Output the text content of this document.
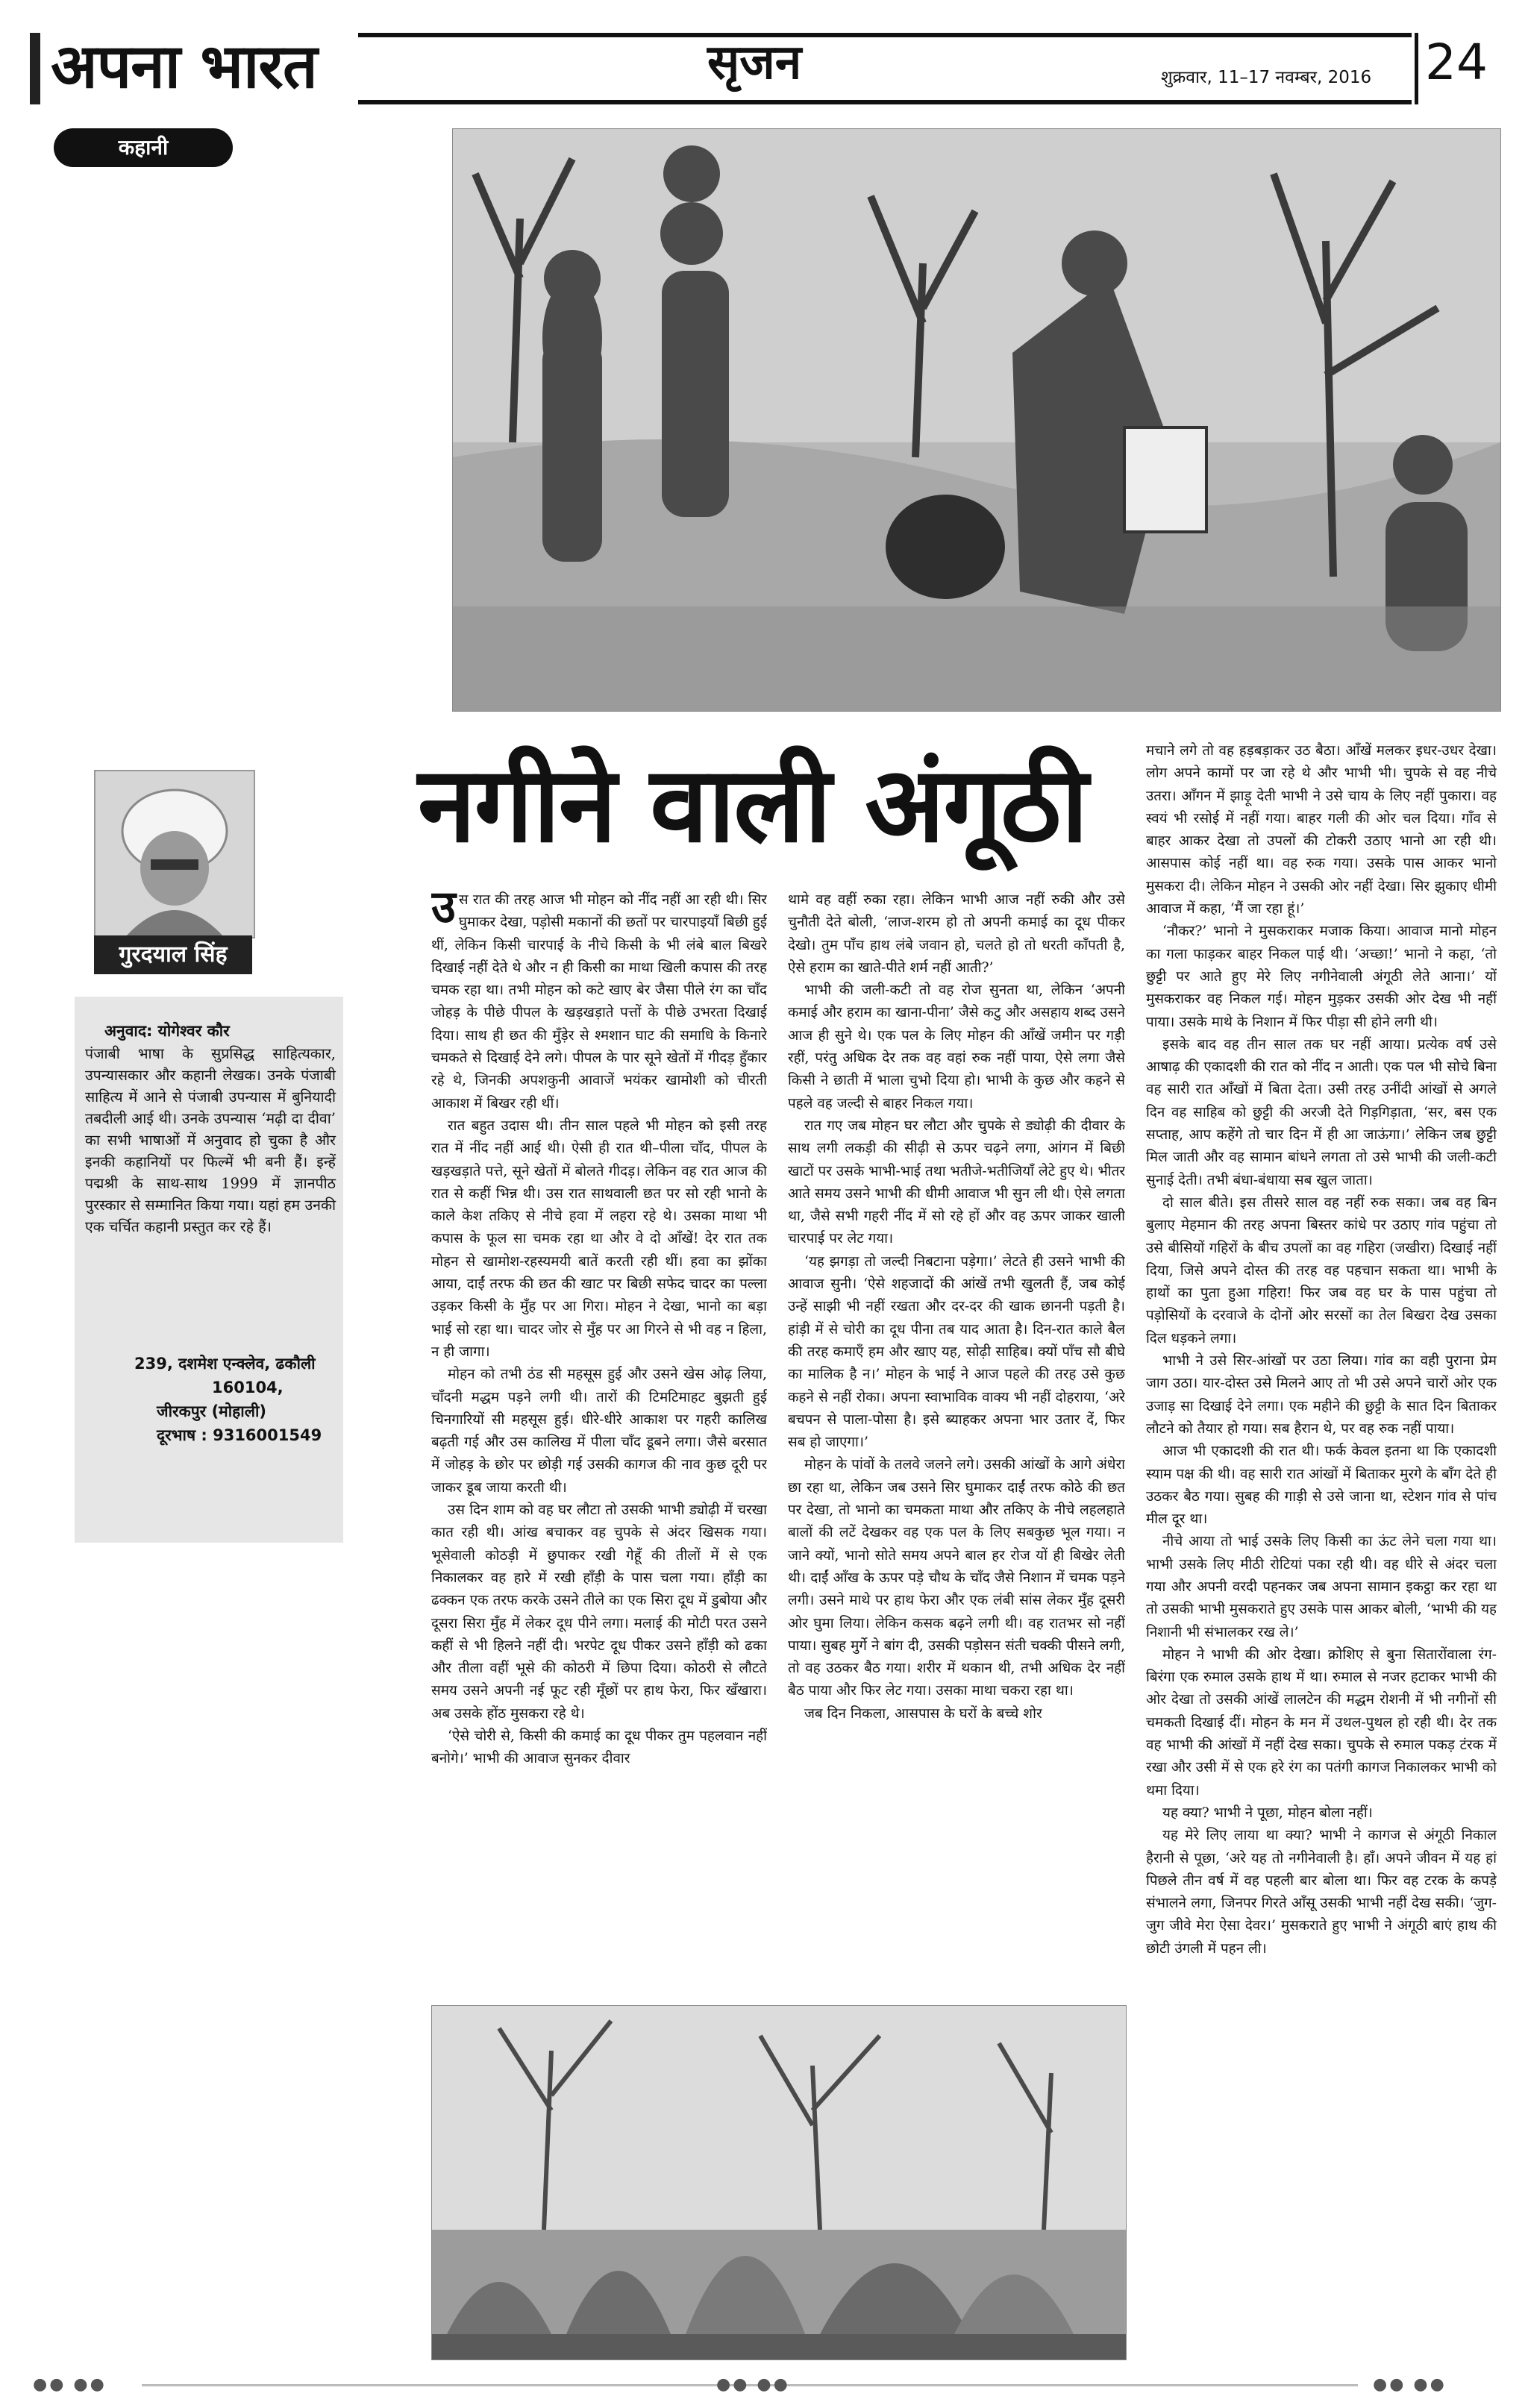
अपना भारत	सृजन	शुक्रवार, 11–17 नवम्बर, 2016 24
कहानी
नगीने वाली अंगूठी
गुरदयाल सिंह
अनुवाद: योगेश्वर कौर
पंजाबी भाषा के सुप्रसिद्ध साहित्यकार, उपन्यासकार और कहानी लेखक। उनके पंजाबी साहित्य में आने से पंजाबी उपन्यास में बुनियादी तबदीली आई थी। उनके उपन्यास ‘मढ़ी दा दीवा’ का सभी भाषाओं में अनुवाद हो चुका है और इनकी कहानियों पर फिल्में भी बनी हैं। इन्हें पद्मश्री के साथ-साथ 1999 में ज्ञानपीठ पुरस्कार से सम्मानित किया गया। यहां हम उनकी एक चर्चित कहानी प्रस्तुत कर रहे हैं।
239, दशमेश एन्क्लेव, ढकौली
160104,
जीरकपुर (मोहाली)
दूरभाष : 9316001549
उ स रात की तरह आज भी मोहन को नींद नहीं आ रही थी। सिर घुमाकर देखा, पड़ोसी मकानों की छतों पर चारपाइयाँ बिछी हुई थीं, लेकिन किसी चारपाई के नीचे किसी के भी लंबे बाल बिखरे दिखाई नहीं देते थे और न ही किसी का माथा खिली कपास की तरह चमक रहा था। तभी मोहन को कटे खाए बेर जैसा पीले रंग का चाँद जोहड़ के पीछे पीपल के खड़खड़ाते पत्तों के पीछे उभरता दिखाई दिया। साथ ही छत की मुँड़ेर से श्मशान घाट की समाधि के किनारे चमकते से दिखाई देने लगे। पीपल के पार सूने खेतों में गीदड़ हुँकार रहे थे, जिनकी अपशकुनी आवाजें भयंकर खामोशी को चीरती आकाश में बिखर रही थीं।

रात बहुत उदास थी। तीन साल पहले भी मोहन को इसी तरह रात में नींद नहीं आई थी। ऐसी ही रात थी–पीला चाँद, पीपल के खड़खड़ाते पत्ते, सूने खेतों में बोलते गीदड़। लेकिन वह रात आज की रात से कहीं भिन्न थी। उस रात साथवाली छत पर सो रही भानो के काले केश तकिए से नीचे हवा में लहरा रहे थे। उसका माथा भी कपास के फूल सा चमक रहा था और वे दो आँखें! देर रात तक मोहन से खामोश-रहस्यमयी बातें करती रही थीं। हवा का झोंका आया, दाईं तरफ की छत की खाट पर बिछी सफेद चादर का पल्ला उड़कर किसी के मुँह पर आ गिरा। मोहन ने देखा, भानो का बड़ा भाई सो रहा था। चादर जोर से मुँह पर आ गिरने से भी वह न हिला, न ही जागा।

मोहन को तभी ठंड सी महसूस हुई और उसने खेस ओढ़ लिया, चाँदनी मद्धम पड़ने लगी थी। तारों की टिमटिमाहट बुझती हुई चिनगारियों सी महसूस हुई। धीरे-धीरे आकाश पर गहरी कालिख बढ़ती गई और उस कालिख में पीला चाँद डूबने लगा। जैसे बरसात में जोहड़ के छोर पर छोड़ी गई उसकी कागज की नाव कुछ दूरी पर जाकर डूब जाया करती थी।

उस दिन शाम को वह घर लौटा तो उसकी भाभी ड्योढ़ी में चरखा कात रही थी। आंख बचाकर वह चुपके से अंदर खिसक गया। भूसेवाली कोठड़ी में छुपाकर रखी गेहूँ की तीलों में से एक निकालकर वह हारे में रखी हाँड़ी के पास चला गया। हाँड़ी का ढक्कन एक तरफ करके उसने तीले का एक सिरा दूध में डुबोया और दूसरा सिरा मुँह में लेकर दूध पीने लगा। मलाई की मोटी परत उसने कहीं से भी हिलने नहीं दी। भरपेट दूध पीकर उसने हाँड़ी को ढका और तीला वहीं भूसे की कोठरी में छिपा दिया। कोठरी से लौटते समय उसने अपनी नई फूट रही मूँछों पर हाथ फेरा, फिर खँखारा। अब उसके होंठ मुसकरा रहे थे।

‘ऐसे चोरी से, किसी की कमाई का दूध पीकर तुम पहलवान नहीं बनोगे।’ भाभी की आवाज सुनकर दीवार

थामे वह वहीं रुका रहा। लेकिन भाभी आज नहीं रुकी और उसे चुनौती देते बोली, ‘लाज-शरम हो तो अपनी कमाई का दूध पीकर देखो। तुम पाँच हाथ लंबे जवान हो, चलते हो तो धरती काँपती है, ऐसे हराम का खाते-पीते शर्म नहीं आती?’

भाभी की जली-कटी तो वह रोज सुनता था, लेकिन ‘अपनी कमाई और हराम का खाना-पीना’ जैसे कटु और असहाय शब्द उसने आज ही सुने थे। एक पल के लिए मोहन की आँखें जमीन पर गड़ी रहीं, परंतु अधिक देर तक वह वहां रुक नहीं पाया, ऐसे लगा जैसे किसी ने छाती में भाला चुभो दिया हो। भाभी के कुछ और कहने से पहले वह जल्दी से बाहर निकल गया।

रात गए जब मोहन घर लौटा और चुपके से ड्योढ़ी की दीवार के साथ लगी लकड़ी की सीढ़ी से ऊपर चढ़ने लगा, आंगन में बिछी खाटों पर उसके भाभी-भाई तथा भतीजे-भतीजियाँ लेटे हुए थे। भीतर आते समय उसने भाभी की धीमी आवाज भी सुन ली थी। ऐसे लगता था, जैसे सभी गहरी नींद में सो रहे हों और वह ऊपर जाकर खाली चारपाई पर लेट गया।

‘यह झगड़ा तो जल्दी निबटाना पड़ेगा।’ लेटते ही उसने भाभी की आवाज सुनी। ‘ऐसे शहजादों की आंखें तभी खुलती हैं, जब कोई उन्हें साझी भी नहीं रखता और दर-दर की खाक छाननी पड़ती है। हांड़ी में से चोरी का दूध पीना तब याद आता है। दिन-रात काले बैल की तरह कमाएँ हम और खाए यह, सोढ़ी साहिब। क्यों पाँच सौ बीघे का मालिक है न।’ मोहन के भाई ने आज पहले की तरह उसे कुछ कहने से नहीं रोका। अपना स्वाभाविक वाक्य भी नहीं दोहराया, ‘अरे बचपन से पाला-पोसा है। इसे ब्याहकर अपना भार उतार दें, फिर सब हो जाएगा।’

मोहन के पांवों के तलवे जलने लगे। उसकी आंखों के आगे अंधेरा छा रहा था, लेकिन जब उसने सिर घुमाकर दाईं तरफ कोठे की छत पर देखा, तो भानो का चमकता माथा और तकिए के नीचे लहलहाते बालों की लटें देखकर वह एक पल के लिए सबकुछ भूल गया। न जाने क्यों, भानो सोते समय अपने बाल हर रोज यों ही बिखेर लेती थी। दाईं आँख के ऊपर पड़े चौथ के चाँद जैसे निशान में चमक पड़ने लगी। उसने माथे पर हाथ फेरा और एक लंबी सांस लेकर मुँह दूसरी ओर घुमा लिया। लेकिन कसक बढ़ने लगी थी। वह रातभर सो नहीं पाया। सुबह मुर्गे ने बांग दी, उसकी पड़ोसन संती चक्की पीसने लगी, तो वह उठकर बैठ गया। शरीर में थकान थी, तभी अधिक देर नहीं बैठ पाया और फिर लेट गया। उसका माथा चकरा रहा था।

जब दिन निकला, आसपास के घरों के बच्चे शोर

मचाने लगे तो वह हड़बड़ाकर उठ बैठा। आँखें मलकर इधर-उधर देखा। लोग अपने कामों पर जा रहे थे और भाभी भी। चुपके से वह नीचे उतरा। आँगन में झाड़ू देती भाभी ने उसे चाय के लिए नहीं पुकारा। वह स्वयं भी रसोई में नहीं गया। बाहर गली की ओर चल दिया। गाँव से बाहर आकर देखा तो उपलों की टोकरी उठाए भानो आ रही थी। आसपास कोई नहीं था। वह रुक गया। उसके पास आकर भानो मुसकरा दी। लेकिन मोहन ने उसकी ओर नहीं देखा। सिर झुकाए धीमी आवाज में कहा, ‘मैं जा रहा हूं।’

‘नौकर?’ भानो ने मुसकराकर मजाक किया। आवाज मानो मोहन का गला फाड़कर बाहर निकल पाई थी। ‘अच्छा!’ भानो ने कहा, ‘तो छुट्टी पर आते हुए मेरे लिए नगीनेवाली अंगूठी लेते आना।’ यों मुसकराकर वह निकल गई। मोहन मुड़कर उसकी ओर देख भी नहीं पाया। उसके माथे के निशान में फिर पीड़ा सी होने लगी थी।

इसके बाद वह तीन साल तक घर नहीं आया। प्रत्येक वर्ष उसे आषाढ़ की एकादशी की रात को नींद न आती। एक पल भी सोचे बिना वह सारी रात आँखों में बिता देता। उसी तरह उनींदी आंखों से अगले दिन वह साहिब को छुट्टी की अरजी देते गिड़गिड़ाता, ‘सर, बस एक सप्ताह, आप कहेंगे तो चार दिन में ही आ जाऊंगा।’ लेकिन जब छुट्टी मिल जाती और वह सामान बांधने लगता तो उसे भाभी की जली-कटी सुनाई देती। तभी बंधा-बंधाया सब खुल जाता।

दो साल बीते। इस तीसरे साल वह नहीं रुक सका। जब वह बिन बुलाए मेहमान की तरह अपना बिस्तर कांधे पर उठाए गांव पहुंचा तो उसे बीसियों गहिरों के बीच उपलों का वह गहिरा (जखीरा) दिखाई नहीं दिया, जिसे अपने दोस्त की तरह वह पहचान सकता था। भाभी के हाथों का पुता हुआ गहिरा! फिर जब वह घर के पास पहुंचा तो पड़ोसियों के दरवाजे के दोनों ओर सरसों का तेल बिखरा देख उसका दिल धड़कने लगा।

भाभी ने उसे सिर-आंखों पर उठा लिया। गांव का वही पुराना प्रेम जाग उठा। यार-दोस्त उसे मिलने आए तो भी उसे अपने चारों ओर एक उजाड़ सा दिखाई देने लगा। एक महीने की छुट्टी के सात दिन बिताकर लौटने को तैयार हो गया। सब हैरान थे, पर वह रुक नहीं पाया।

आज भी एकादशी की रात थी। फर्क केवल इतना था कि एकादशी स्याम पक्ष की थी। वह सारी रात आंखों में बिताकर मुरगे के बाँग देते ही उठकर बैठ गया। सुबह की गाड़ी से उसे जाना था, स्टेशन गांव से पांच मील दूर था।

नीचे आया तो भाई उसके लिए किसी का ऊंट लेने चला गया था। भाभी उसके लिए मीठी रोटियां पका रही थी। वह धीरे से अंदर चला गया और अपनी वरदी पहनकर जब अपना सामान इकट्ठा कर रहा था तो उसकी भाभी मुसकराते हुए उसके पास आकर बोली, ‘भाभी की यह निशानी भी संभालकर रख ले।’

मोहन ने भाभी की ओर देखा। क्रोशिए से बुना सितारोंवाला रंग-बिरंगा एक रुमाल उसके हाथ में था। रुमाल से नजर हटाकर भाभी की ओर देखा तो उसकी आंखें लालटेन की मद्धम रोशनी में भी नगीनों सी चमकती दिखाई दीं। मोहन के मन में उथल-पुथल हो रही थी। देर तक वह भाभी की आंखों में नहीं देख सका। चुपके से रुमाल पकड़ टंरक में रखा और उसी में से एक हरे रंग का पतंगी कागज निकालकर भाभी को थमा दिया।

यह क्या? भाभी ने पूछा, मोहन बोला नहीं।

यह मेरे लिए लाया था क्या? भाभी ने कागज से अंगूठी निकाल हैरानी से पूछा, ‘अरे यह तो नगीनेवाली है। हाँ। अपने जीवन में यह हां पिछले तीन वर्ष में वह पहली बार बोला था। फिर वह टरक के कपड़े संभालने लगा, जिनपर गिरते आँसू उसकी भाभी नहीं देख सकी। ‘जुग-जुग जीवे मेरा ऐसा देवर।’ मुसकराते हुए भाभी ने अंगूठी बाएं हाथ की छोटी उंगली में पहन ली।

●● ●●	●● ●●	●● ●●
